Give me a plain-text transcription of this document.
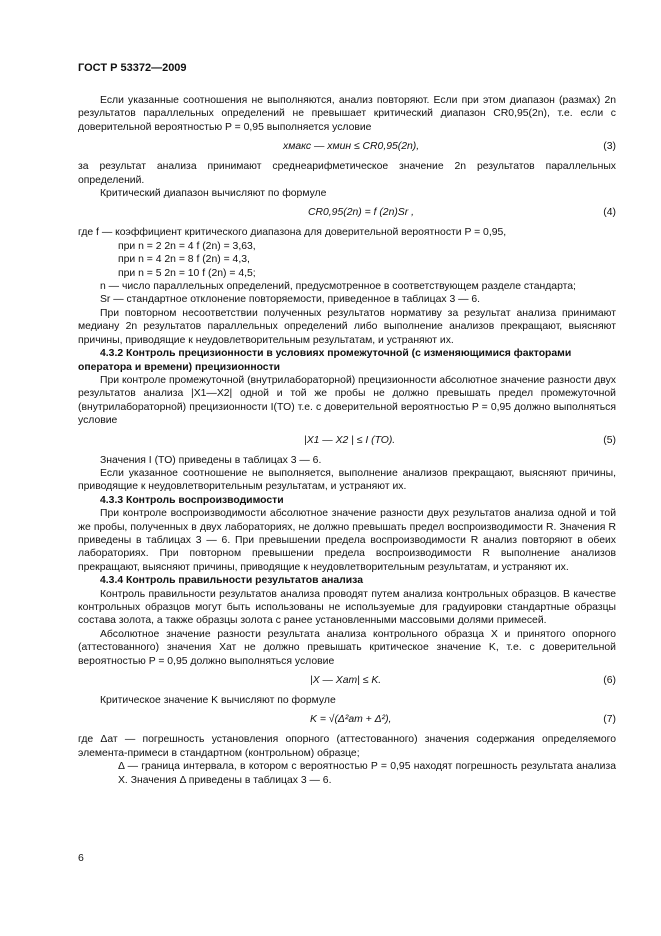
ГОСТ Р 53372—2009

Если указанные соотношения не выполняются, анализ повторяют. Если при этом диапазон (размах) 2n результатов параллельных определений не превышает критический диапазон CR0,95(2n), т.е. если с доверительной вероятностью P = 0,95 выполняется условие

xмакс — xмин ≤ CR0,95(2n),	(3)

за результат анализа принимают среднеарифметическое значение 2n результатов параллельных определений.

Критический диапазон вычисляют по формуле

CR0,95(2n) = f (2n)Sr ,	(4)

где f — коэффициент критического диапазона для доверительной вероятности P = 0,95,

при n = 2 2n = 4 f (2n) = 3,63,

при n = 4 2n = 8 f (2n) = 4,3,

при n = 5 2n = 10 f (2n) = 4,5;

n — число параллельных определений, предусмотренное в соответствующем разделе стандарта;

Sr — стандартное отклонение повторяемости, приведенное в таблицах 3 — 6.

При повторном несоответствии полученных результатов нормативу за результат анализа принимают медиану 2n результатов параллельных определений либо выполнение анализов прекращают, выясняют причины, приводящие к неудовлетворительным результатам, и устраняют их.

4.3.2 Контроль прецизионности в условиях промежуточной (с изменяющимися факторами оператора и времени) прецизионности

При контроле промежуточной (внутрилабораторной) прецизионности абсолютное значение разности двух результатов анализа |X1—X2| одной и той же пробы не должно превышать предел промежуточной (внутрилабораторной) прецизионности I(TO) т.е. с доверительной вероятностью P = 0,95 должно выполняться условие

|X1 — X2 | ≤ I (TO).	(5)

Значения I (TO) приведены в таблицах 3 — 6.

Если указанное соотношение не выполняется, выполнение анализов прекращают, выясняют причины, приводящие к неудовлетворительным результатам, и устраняют их.

4.3.3 Контроль воспроизводимости

При контроле воспроизводимости абсолютное значение разности двух результатов анализа одной и той же пробы, полученных в двух лабораториях, не должно превышать предел воспроизводимости R. Значения R приведены в таблицах 3 — 6. При превышении предела воспроизводимости R анализ повторяют в обеих лабораториях. При повторном превышении предела воспроизводимости R выполнение анализов прекращают, выясняют причины, приводящие к неудовлетворительным результатам, и устраняют их.

4.3.4 Контроль правильности результатов анализа

Контроль правильности результатов анализа проводят путем анализа контрольных образцов. В качестве контрольных образцов могут быть использованы не используемые для градуировки стандартные образцы состава золота, а также образцы золота с ранее установленными массовыми долями примесей.

Абсолютное значение разности результата анализа контрольного образца X и принятого опорного (аттестованного) значения Xат не должно превышать критическое значение K, т.е. с доверительной вероятностью P = 0,95 должно выполняться условие

|X — Xат| ≤ K.	(6)

Критическое значение K вычисляют по формуле

K = √(Δ²ат + Δ²),	(7)

где Δат — погрешность установления опорного (аттестованного) значения содержания определяемого элемента-примеси в стандартном (контрольном) образце;

Δ — граница интервала, в котором с вероятностью P = 0,95 находят погрешность результата анализа X. Значения Δ приведены в таблицах 3 — 6.

6
